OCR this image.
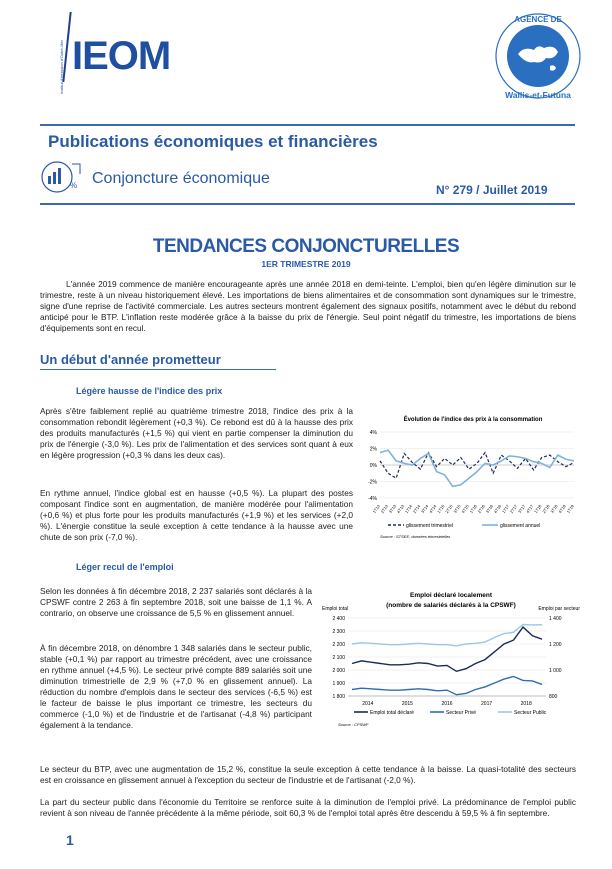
Institut d'émission d'Outre-Mer IEOM
AGENCE DE
Wallis-et-Futuna
Publications économiques et financières
% Conjoncture économique
N° 279 / Juillet 2019
TENDANCES CONJONCTURELLES
1ER TRIMESTRE 2019
L'année 2019 commence de manière encourageante après une année 2018 en demi-teinte. L'emploi, bien qu'en légère diminution sur le trimestre, reste à un niveau historiquement élevé. Les importations de biens alimentaires et de consommation sont dynamiques sur le trimestre, signe d'une reprise de l'activité commerciale. Les autres secteurs montrent également des signaux positifs, notamment avec le début du rebond anticipé pour le BTP. L'inflation reste modérée grâce à la baisse du prix de l'énergie. Seul point négatif du trimestre, les importations de biens d'équipements sont en recul.
Un début d'année prometteur
Légère hausse de l'indice des prix
Après s'être faiblement replié au quatrième trimestre 2018, l'indice des prix à la consommation rebondit légèrement (+0,3 %). Ce rebond est dû à la hausse des prix des produits manufacturés (+1,5 %) qui vient en partie compenser la diminution du prix de l'énergie (-3,0 %). Les prix de l'alimentation et des services sont quant à eux en légère progression (+0,3 % dans les deux cas).
En rythme annuel, l'indice global est en hausse (+0,5 %). La plupart des postes composant l'indice sont en augmentation, de manière modérée pour l'alimentation (+0,6 %) et plus forte pour les produits manufacturés (+1,9 %) et les services (+2,0 %). L'énergie constitue la seule exception à cette tendance à la hausse avec une chute de son prix (-7,0 %).
Évolution de l'indice des prix à la consommation
4%
2%
0%
-2%
-4%
1T13
2T13
3T13
4T13
1T14
2T14
3T14
4T14
1T15
2T15
3T15
4T15
1T16
2T16
3T16
4T16
1T17
2T17
3T17
4T17
1T18
2T18
3T18
4T18
1T19
glissement trimestriel	glissement annuel
Source : STSEE, données trimestrielles
Léger recul de l'emploi
Selon les données à fin décembre 2018, 2 237 salariés sont déclarés à la CPSWF contre 2 263 à fin septembre 2018, soit une baisse de 1,1 %. A contrario, on observe une croissance de 5,5 % en glissement annuel.
À fin décembre 2018, on dénombre 1 348 salariés dans le secteur public, stable (+0,1 %) par rapport au trimestre précédent, avec une croissance en rythme annuel (+4,5 %). Le secteur privé compte 889 salariés soit une diminution trimestrielle de 2,9 % (+7,0 % en glissement annuel). La réduction du nombre d'emplois dans le secteur des services (-6,5 %) est le facteur de baisse le plus important ce trimestre, les secteurs du commerce (-1,0 %) et de l'industrie et de l'artisanat (-4,8 %) participant également à la tendance.
Le secteur du BTP, avec une augmentation de 15,2 %, constitue la seule exception à cette tendance à la baisse. La quasi-totalité des secteurs est en croissance en glissement annuel à l'exception du secteur de l'industrie et de l'artisanat (-2,0 %).
La part du secteur public dans l'économie du Territoire se renforce suite à la diminution de l'emploi privé. La prédominance de l'emploi public revient à son niveau de l'année précédente à la même période, soit 60,3 % de l'emploi total après être descendu à 59,5 % à fin septembre.
Emploi déclaré localement
(nombre de salariés déclarés à la CPSWF)
Emploi total	Emploi par secteur
2 400
2 300
2 200
2 100
2 000
1 900
1 800
1 400
1 200
1 000
800
2014	2015	2016	2017	2018
Emploi total déclaré	Secteur Privé	Secteur Public
Source : CPSWF
1
